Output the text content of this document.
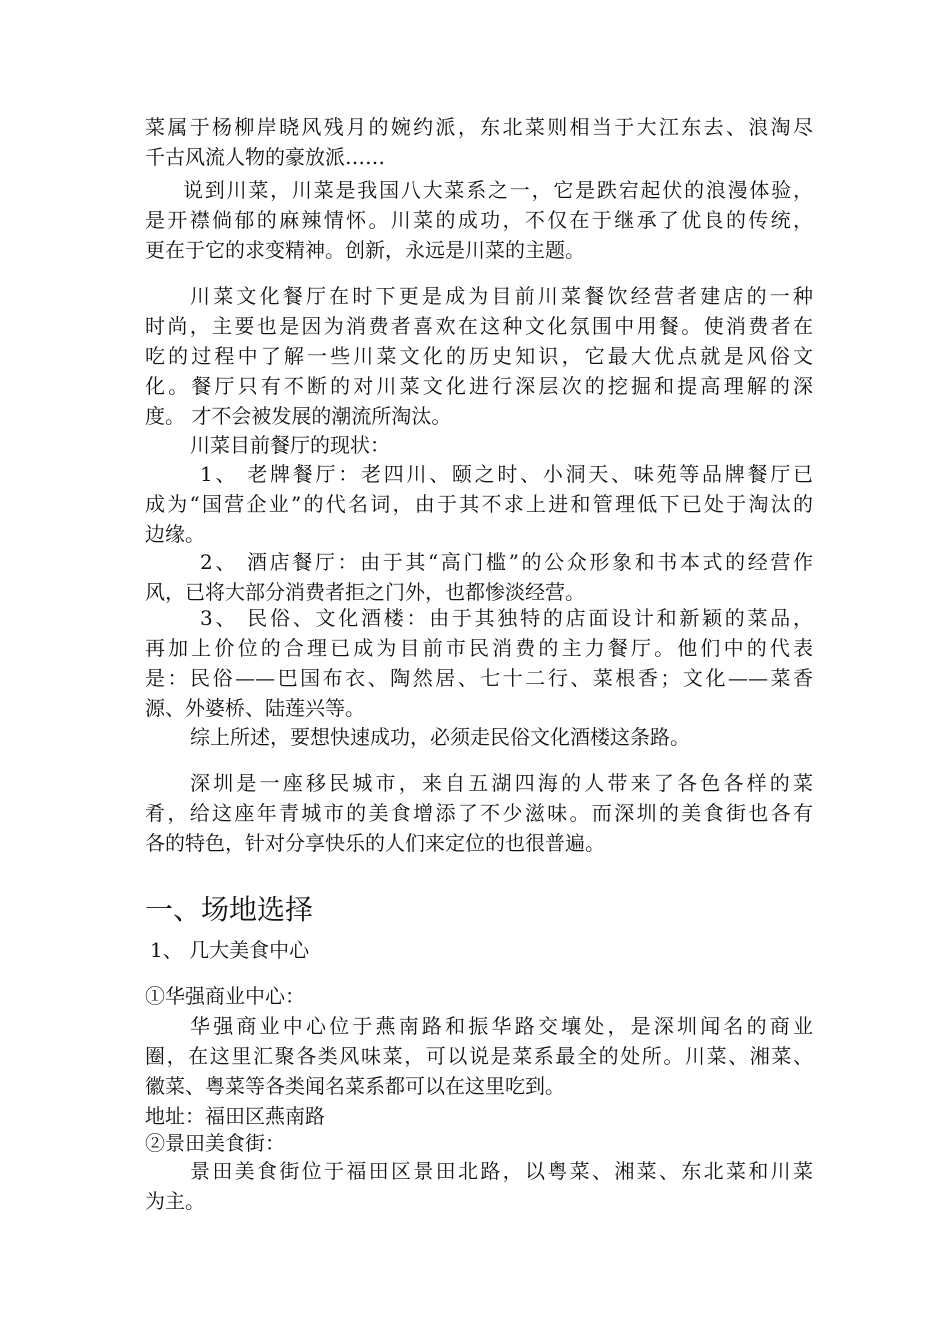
菜属于杨柳岸晓风残月的婉约派，东北菜则相当于大江东去、浪淘尽
千古风流人物的豪放派……
说到川菜，川菜是我国八大菜系之一，它是跌宕起伏的浪漫体验，
是开襟倘郁的麻辣情怀。川菜的成功，不仅在于继承了优良的传统，
更在于它的求变精神。创新，永远是川菜的主题。
川菜文化餐厅在时下更是成为目前川菜餐饮经营者建店的一种
时尚，主要也是因为消费者喜欢在这种文化氛围中用餐。使消费者在
吃的过程中了解一些川菜文化的历史知识，它最大优点就是风俗文
化。餐厅只有不断的对川菜文化进行深层次的挖掘和提高理解的深
度。 才不会被发展的潮流所淘汰。
川菜目前餐厅的现状：
1、 老牌餐厅：老四川、颐之时、小洞天、味苑等品牌餐厅已
成为“国营企业”的代名词，由于其不求上进和管理低下已处于淘汰的
边缘。
2、 酒店餐厅：由于其“高门槛”的公众形象和书本式的经营作
风，已将大部分消费者拒之门外，也都惨淡经营。
3、 民俗、文化酒楼：由于其独特的店面设计和新颖的菜品，
再加上价位的合理已成为目前市民消费的主力餐厅。他们中的代表
是：民俗——巴国布衣、陶然居、七十二行、菜根香；文化——菜香
源、外婆桥、陆莲兴等。
综上所述，要想快速成功，必须走民俗文化酒楼这条路。
深圳是一座移民城市，来自五湖四海的人带来了各色各样的菜
肴，给这座年青城市的美食增添了不少滋味。而深圳的美食街也各有
各的特色，针对分享快乐的人们来定位的也很普遍。
一、场地选择
1、 几大美食中心
①华强商业中心：
华强商业中心位于燕南路和振华路交壤处，是深圳闻名的商业
圈，在这里汇聚各类风味菜，可以说是菜系最全的处所。川菜、湘菜、
徽菜、粤菜等各类闻名菜系都可以在这里吃到。
地址：福田区燕南路
②景田美食街：
景田美食街位于福田区景田北路，以粤菜、湘菜、东北菜和川菜
为主。
